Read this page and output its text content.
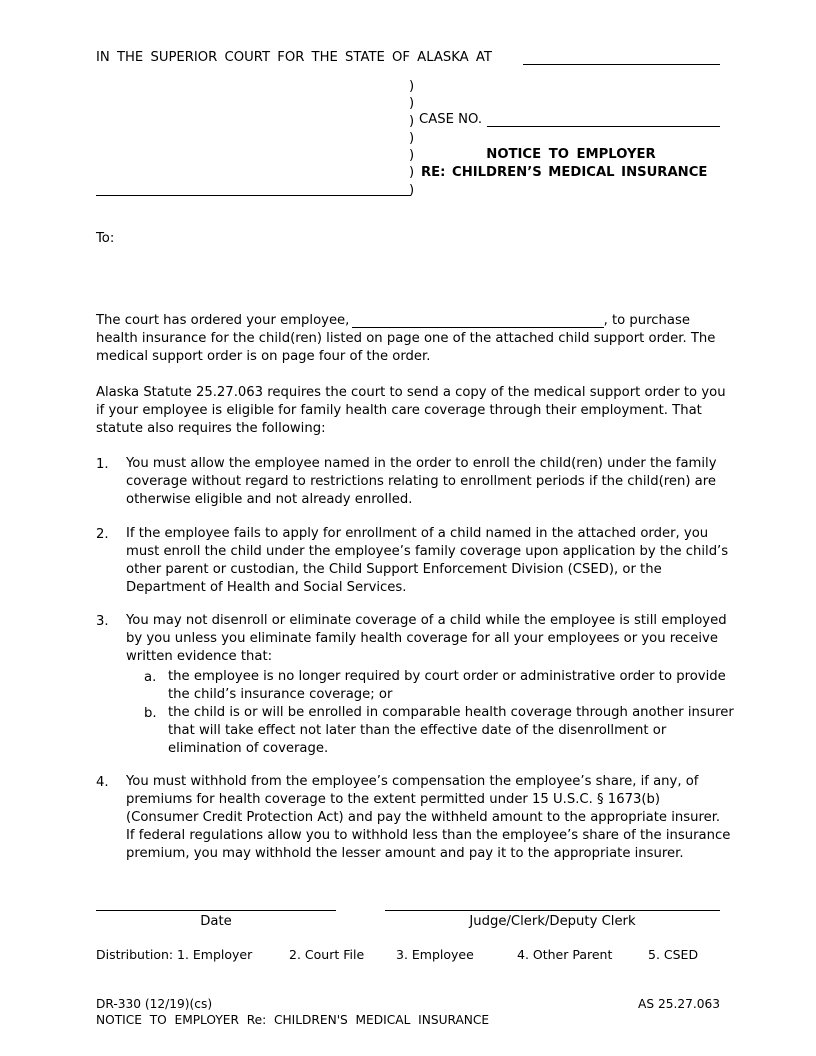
IN THE SUPERIOR COURT FOR THE STATE OF ALASKA AT
)
)
)
)
)
)
)
CASE NO.
NOTICE TO EMPLOYER
RE: CHILDREN’S MEDICAL INSURANCE
To:
The court has ordered your employee,	, to purchase
health insurance for the child(ren) listed on page one of the attached child support order. The
medical support order is on page four of the order.
Alaska Statute 25.27.063 requires the court to send a copy of the medical support order to you
if your employee is eligible for family health care coverage through their employment. That
statute also requires the following:
1. You must allow the employee named in the order to enroll the child(ren) under the family
coverage without regard to restrictions relating to enrollment periods if the child(ren) are
otherwise eligible and not already enrolled.
2. If the employee fails to apply for enrollment of a child named in the attached order, you
must enroll the child under the employee’s family coverage upon application by the child’s
other parent or custodian, the Child Support Enforcement Division (CSED), or the
Department of Health and Social Services.
3. You may not disenroll or eliminate coverage of a child while the employee is still employed
by you unless you eliminate family health coverage for all your employees or you receive
written evidence that:
a. the employee is no longer required by court order or administrative order to provide
the child’s insurance coverage; or
b. the child is or will be enrolled in comparable health coverage through another insurer
that will take effect not later than the effective date of the disenrollment or
elimination of coverage.
4. You must withhold from the employee’s compensation the employee’s share, if any, of
premiums for health coverage to the extent permitted under 15 U.S.C. § 1673(b)
(Consumer Credit Protection Act) and pay the withheld amount to the appropriate insurer.
If federal regulations allow you to withhold less than the employee’s share of the insurance
premium, you may withhold the lesser amount and pay it to the appropriate insurer.
Date	Judge/Clerk/Deputy Clerk
Distribution: 1. Employer	2. Court File	3. Employee	4. Other Parent	5. CSED
DR-330 (12/19)(cs)	AS 25.27.063
NOTICE  TO  EMPLOYER  Re:  CHILDREN'S  MEDICAL  INSURANCE
